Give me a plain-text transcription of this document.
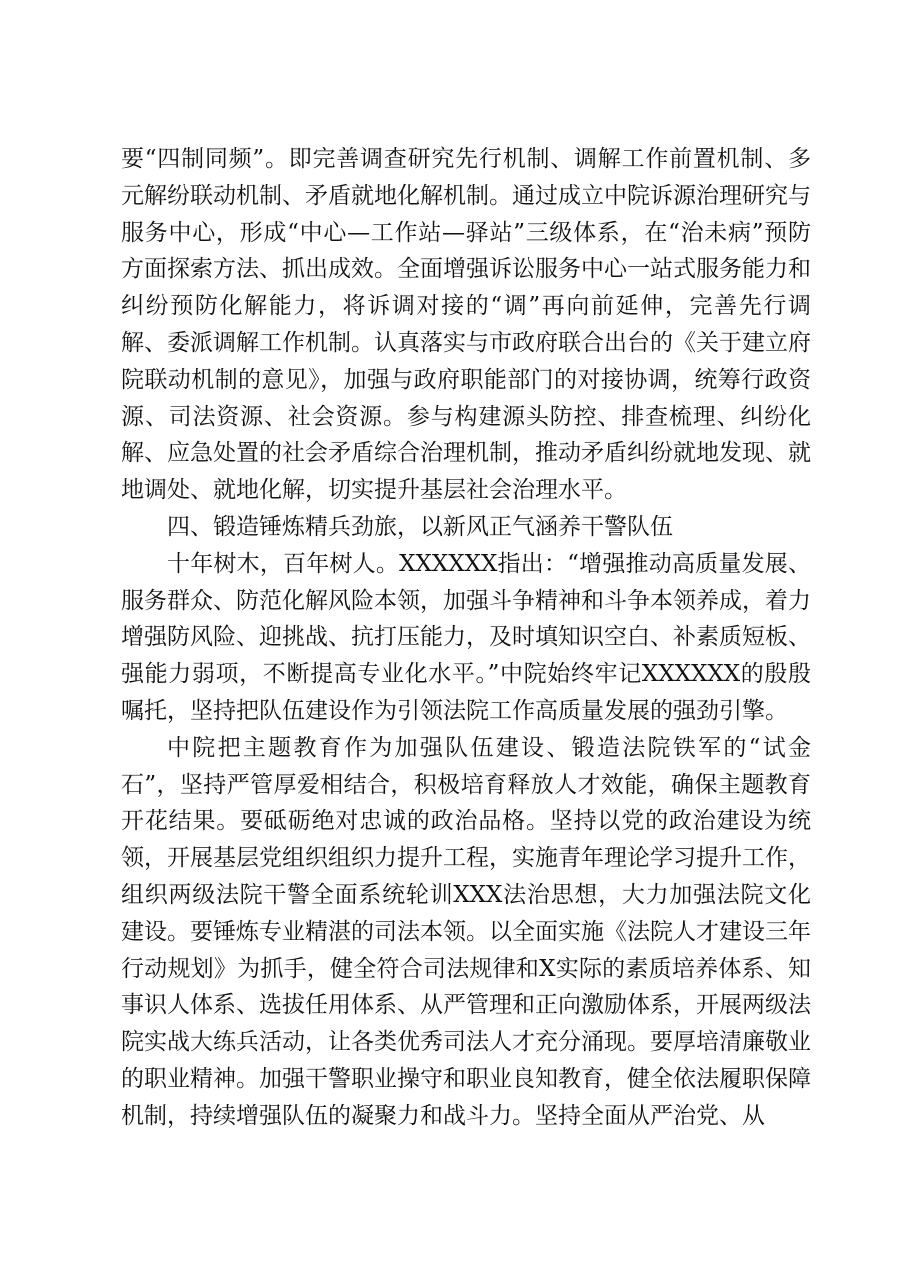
要“四制同频”。即完善调查研究先行机制、调解工作前置机制、多元解纷联动机制、矛盾就地化解机制。通过成立中院诉源治理研究与服务中心，形成“中心—工作站—驿站”三级体系，在“治未病”预防方面探索方法、抓出成效。全面增强诉讼服务中心一站式服务能力和纠纷预防化解能力，将诉调对接的“调”再向前延伸，完善先行调解、委派调解工作机制。认真落实与市政府联合出台的《关于建立府院联动机制的意见》，加强与政府职能部门的对接协调，统筹行政资源、司法资源、社会资源。参与构建源头防控、排查梳理、纠纷化解、应急处置的社会矛盾综合治理机制，推动矛盾纠纷就地发现、就地调处、就地化解，切实提升基层社会治理水平。

四、锻造锤炼精兵劲旅，以新风正气涵养干警队伍

十年树木，百年树人。XXXXXX指出：“增强推动高质量发展、服务群众、防范化解风险本领，加强斗争精神和斗争本领养成，着力增强防风险、迎挑战、抗打压能力，及时填知识空白、补素质短板、强能力弱项，不断提高专业化水平。”中院始终牢记XXXXXX的殷殷嘱托，坚持把队伍建设作为引领法院工作高质量发展的强劲引擎。

中院把主题教育作为加强队伍建设、锻造法院铁军的“试金石”，坚持严管厚爱相结合，积极培育释放人才效能，确保主题教育开花结果。要砥砺绝对忠诚的政治品格。坚持以党的政治建设为统领，开展基层党组织组织力提升工程，实施青年理论学习提升工作，组织两级法院干警全面系统轮训XXX法治思想，大力加强法院文化建设。要锤炼专业精湛的司法本领。以全面实施《法院人才建设三年行动规划》为抓手，健全符合司法规律和X实际的素质培养体系、知事识人体系、选拔任用体系、从严管理和正向激励体系，开展两级法院实战大练兵活动，让各类优秀司法人才充分涌现。要厚培清廉敬业的职业精神。加强干警职业操守和职业良知教育，健全依法履职保障机制，持续增强队伍的凝聚力和战斗力。坚持全面从严治党、从
